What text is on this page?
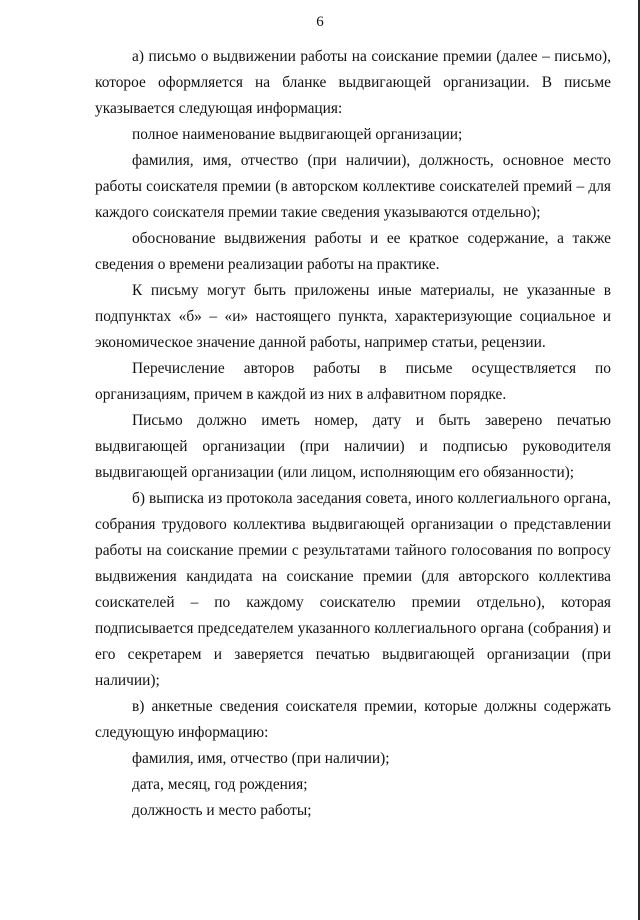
6

а) письмо о выдвижении работы на соискание премии (далее – письмо), которое оформляется на бланке выдвигающей организации. В письме указывается следующая информация:

полное наименование выдвигающей организации;

фамилия, имя, отчество (при наличии), должность, основное место работы соискателя премии (в авторском коллективе соискателей премий – для каждого соискателя премии такие сведения указываются отдельно);

обоснование выдвижения работы и ее краткое содержание, а также сведения о времени реализации работы на практике.

К письму могут быть приложены иные материалы, не указанные в подпунктах «б» – «и» настоящего пункта, характеризующие социальное и экономическое значение данной работы, например статьи, рецензии.

Перечисление авторов работы в письме осуществляется по организациям, причем в каждой из них в алфавитном порядке.

Письмо должно иметь номер, дату и быть заверено печатью выдвигающей организации (при наличии) и подписью руководителя выдвигающей организации (или лицом, исполняющим его обязанности);

б) выписка из протокола заседания совета, иного коллегиального органа, собрания трудового коллектива выдвигающей организации о представлении работы на соискание премии с результатами тайного голосования по вопросу выдвижения кандидата на соискание премии (для авторского коллектива соискателей – по каждому соискателю премии отдельно), которая подписывается председателем указанного коллегиального органа (собрания) и его секретарем и заверяется печатью выдвигающей организации (при наличии);

в) анкетные сведения соискателя премии, которые должны содержать следующую информацию:

фамилия, имя, отчество (при наличии);

дата, месяц, год рождения;

должность и место работы;
